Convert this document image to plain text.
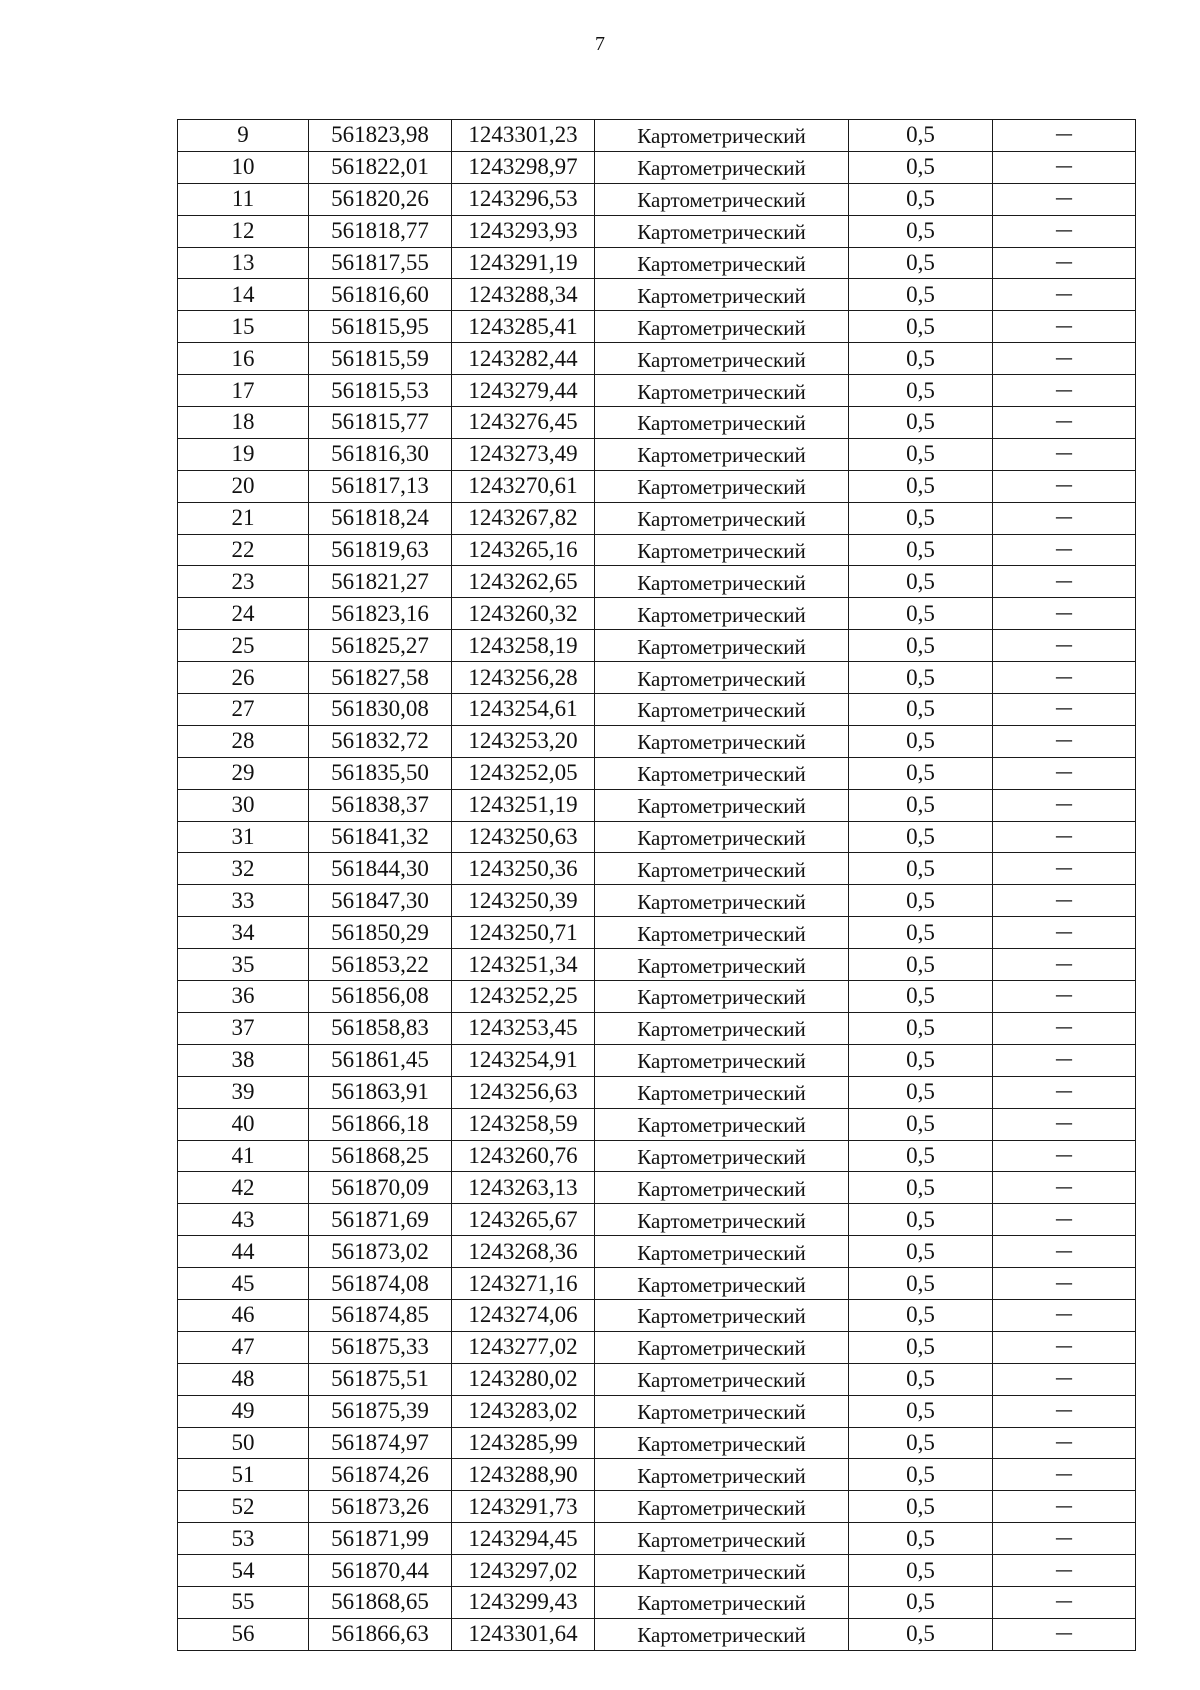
7
9	561823,98	1243301,23	Картометрический	0,5	—
10	561822,01	1243298,97	Картометрический	0,5	—
11	561820,26	1243296,53	Картометрический	0,5	—
12	561818,77	1243293,93	Картометрический	0,5	—
13	561817,55	1243291,19	Картометрический	0,5	—
14	561816,60	1243288,34	Картометрический	0,5	—
15	561815,95	1243285,41	Картометрический	0,5	—
16	561815,59	1243282,44	Картометрический	0,5	—
17	561815,53	1243279,44	Картометрический	0,5	—
18	561815,77	1243276,45	Картометрический	0,5	—
19	561816,30	1243273,49	Картометрический	0,5	—
20	561817,13	1243270,61	Картометрический	0,5	—
21	561818,24	1243267,82	Картометрический	0,5	—
22	561819,63	1243265,16	Картометрический	0,5	—
23	561821,27	1243262,65	Картометрический	0,5	—
24	561823,16	1243260,32	Картометрический	0,5	—
25	561825,27	1243258,19	Картометрический	0,5	—
26	561827,58	1243256,28	Картометрический	0,5	—
27	561830,08	1243254,61	Картометрический	0,5	—
28	561832,72	1243253,20	Картометрический	0,5	—
29	561835,50	1243252,05	Картометрический	0,5	—
30	561838,37	1243251,19	Картометрический	0,5	—
31	561841,32	1243250,63	Картометрический	0,5	—
32	561844,30	1243250,36	Картометрический	0,5	—
33	561847,30	1243250,39	Картометрический	0,5	—
34	561850,29	1243250,71	Картометрический	0,5	—
35	561853,22	1243251,34	Картометрический	0,5	—
36	561856,08	1243252,25	Картометрический	0,5	—
37	561858,83	1243253,45	Картометрический	0,5	—
38	561861,45	1243254,91	Картометрический	0,5	—
39	561863,91	1243256,63	Картометрический	0,5	—
40	561866,18	1243258,59	Картометрический	0,5	—
41	561868,25	1243260,76	Картометрический	0,5	—
42	561870,09	1243263,13	Картометрический	0,5	—
43	561871,69	1243265,67	Картометрический	0,5	—
44	561873,02	1243268,36	Картометрический	0,5	—
45	561874,08	1243271,16	Картометрический	0,5	—
46	561874,85	1243274,06	Картометрический	0,5	—
47	561875,33	1243277,02	Картометрический	0,5	—
48	561875,51	1243280,02	Картометрический	0,5	—
49	561875,39	1243283,02	Картометрический	0,5	—
50	561874,97	1243285,99	Картометрический	0,5	—
51	561874,26	1243288,90	Картометрический	0,5	—
52	561873,26	1243291,73	Картометрический	0,5	—
53	561871,99	1243294,45	Картометрический	0,5	—
54	561870,44	1243297,02	Картометрический	0,5	—
55	561868,65	1243299,43	Картометрический	0,5	—
56	561866,63	1243301,64	Картометрический	0,5	—
